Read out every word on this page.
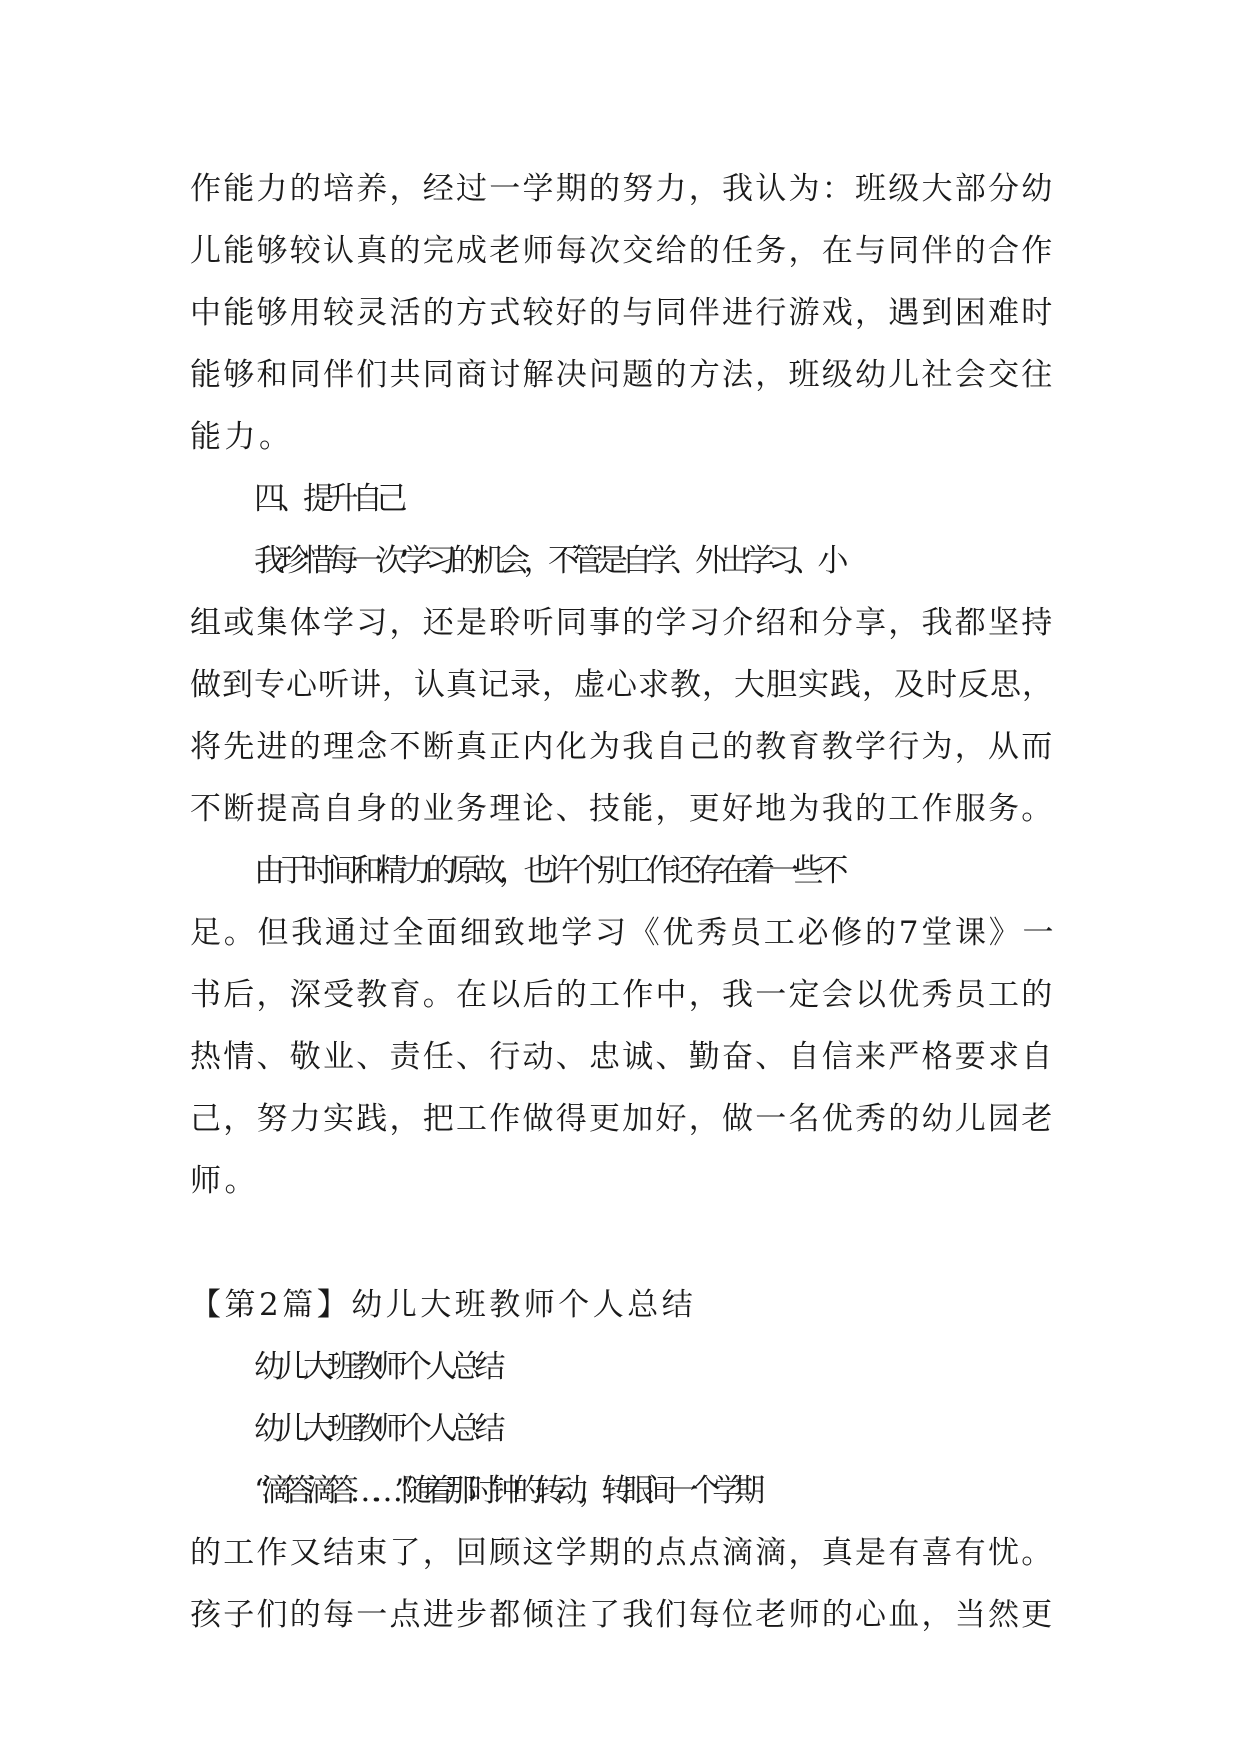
作能力的培养，经过一学期的努力，我认为：班级大部分幼
儿能够较认真的完成老师每次交给的任务，在与同伴的合作
中能够用较灵活的方式较好的与同伴进行游戏，遇到困难时
能够和同伴们共同商讨解决问题的方法，班级幼儿社会交往
能力。
四、提升自己
我珍惜每一次学习的机会，不管是自学、外出学习、小
组或集体学习，还是聆听同事的学习介绍和分享，我都坚持
做到专心听讲，认真记录，虚心求教，大胆实践，及时反思，
将先进的理念不断真正内化为我自己的教育教学行为，从而
不断提高自身的业务理论、技能，更好地为我的工作服务。
由于时间和精力的原故，也许个别工作还存在着一些不
足。但我通过全面细致地学习《优秀员工必修的7堂课》一
书后，深受教育。在以后的工作中，我一定会以优秀员工的
热情、敬业、责任、行动、忠诚、勤奋、自信来严格要求自
己，努力实践，把工作做得更加好，做一名优秀的幼儿园老
师。
【第2篇】幼儿大班教师个人总结
幼儿大班教师个人总结
幼儿大班教师个人总结
“滴答滴答……”随着那时钟的转动，转眼间一个学期
的工作又结束了，回顾这学期的点点滴滴，真是有喜有忧。
孩子们的每一点进步都倾注了我们每位老师的心血，当然更
